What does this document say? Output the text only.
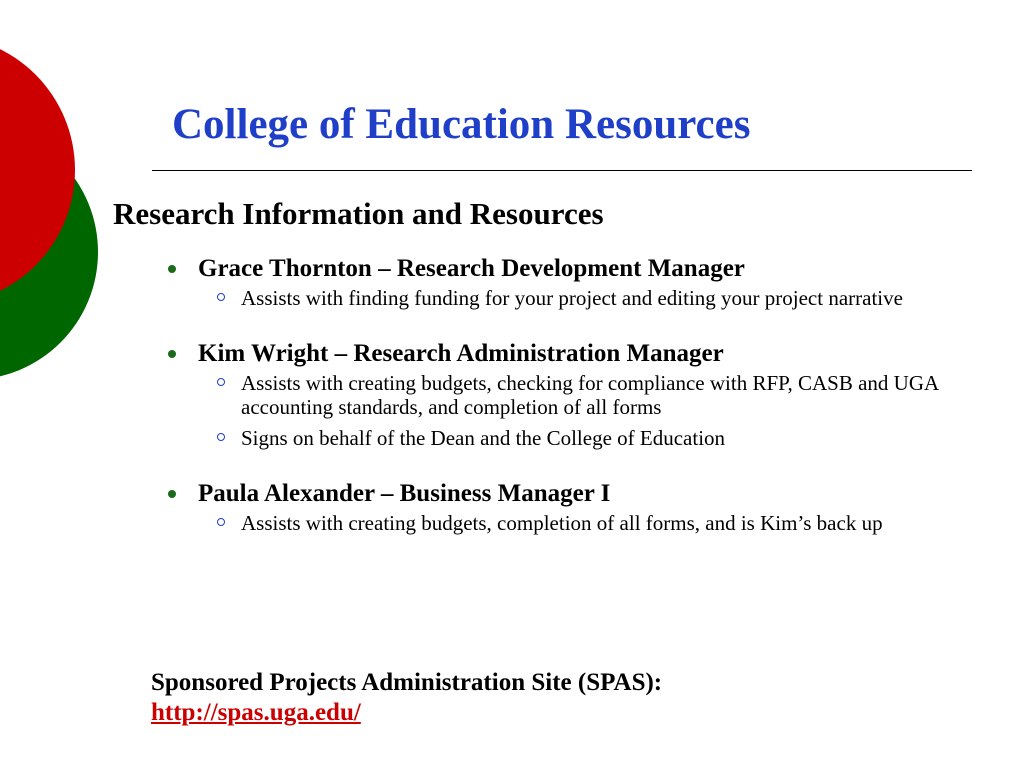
College of Education Resources
Research Information and Resources
Grace Thornton – Research Development Manager
Assists with finding funding for your project and editing your project narrative
Kim Wright – Research Administration Manager
Assists with creating budgets, checking for compliance with RFP, CASB and UGA accounting standards, and completion of all forms
Signs on behalf of the Dean and the College of Education
Paula Alexander – Business Manager I
Assists with creating budgets, completion of all forms, and is Kim’s back up
Sponsored Projects Administration Site (SPAS):
http://spas.uga.edu/
